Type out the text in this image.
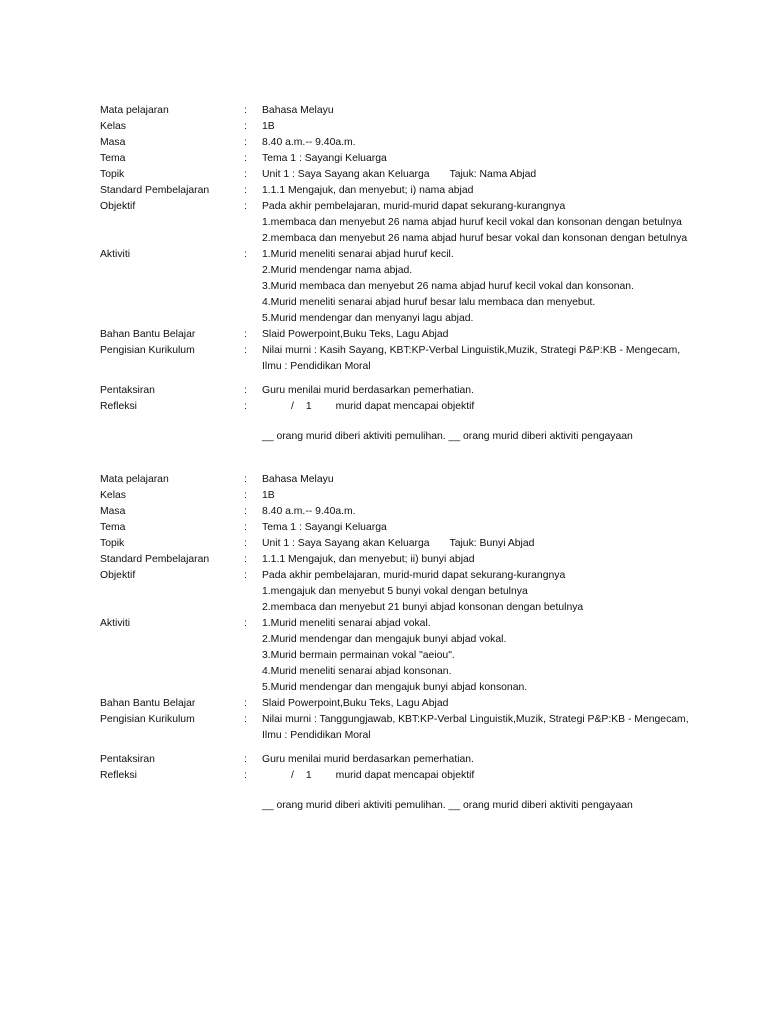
Mata pelajaran	: Bahasa Melayu
Kelas	: 1B
Masa	: 8.40 a.m.-- 9.40a.m.
Tema	: Tema 1 : Sayangi Keluarga
Topik	: Unit 1 : Saya Sayang akan Keluarga Tajuk: Nama Abjad
Standard Pembelajaran	: 1.1.1 Mengajuk, dan menyebut; i) nama abjad
Objektif	: Pada akhir pembelajaran, murid-murid dapat sekurang-kurangnya
1.membaca dan menyebut 26 nama abjad huruf kecil vokal dan konsonan dengan betulnya
2.membaca dan menyebut 26 nama abjad huruf besar vokal dan konsonan dengan betulnya
Aktiviti	: 1.Murid meneliti senarai abjad huruf kecil.
2.Murid mendengar nama abjad.
3.Murid membaca dan menyebut 26 nama abjad huruf kecil vokal dan konsonan.
4.Murid meneliti senarai abjad huruf besar lalu membaca dan menyebut.
5.Murid mendengar dan menyanyi lagu abjad.
Bahan Bantu Belajar	: Slaid Powerpoint,Buku Teks, Lagu Abjad
Pengisian Kurikulum	: Nilai murni : Kasih Sayang, KBT:KP-Verbal Linguistik,Muzik, Strategi P&P:KB - Mengecam,
Ilmu : Pendidikan Moral
Pentaksiran	: Guru menilai murid berdasarkan pemerhatian.
Refleksi	:	/ 1 murid dapat mencapai objektif
__ orang murid diberi aktiviti pemulihan. __ orang murid diberi aktiviti pengayaan
Mata pelajaran	: Bahasa Melayu
Kelas	: 1B
Masa	: 8.40 a.m.-- 9.40a.m.
Tema	: Tema 1 : Sayangi Keluarga
Topik	: Unit 1 : Saya Sayang akan Keluarga Tajuk: Bunyi Abjad
Standard Pembelajaran	: 1.1.1 Mengajuk, dan menyebut; ii) bunyi abjad
Objektif	: Pada akhir pembelajaran, murid-murid dapat sekurang-kurangnya
1.mengajuk dan menyebut 5 bunyi vokal dengan betulnya
2.membaca dan menyebut 21 bunyi abjad konsonan dengan betulnya
Aktiviti	: 1.Murid meneliti senarai abjad vokal.
2.Murid mendengar dan mengajuk bunyi abjad vokal.
3.Murid bermain permainan vokal "aeiou".
4.Murid meneliti senarai abjad konsonan.
5.Murid mendengar dan mengajuk bunyi abjad konsonan.
Bahan Bantu Belajar	: Slaid Powerpoint,Buku Teks, Lagu Abjad
Pengisian Kurikulum	: Nilai murni : Tanggungjawab, KBT:KP-Verbal Linguistik,Muzik, Strategi P&P:KB - Mengecam,
Ilmu : Pendidikan Moral
Pentaksiran	: Guru menilai murid berdasarkan pemerhatian.
Refleksi	:	/ 1 murid dapat mencapai objektif
__ orang murid diberi aktiviti pemulihan. __ orang murid diberi aktiviti pengayaan
